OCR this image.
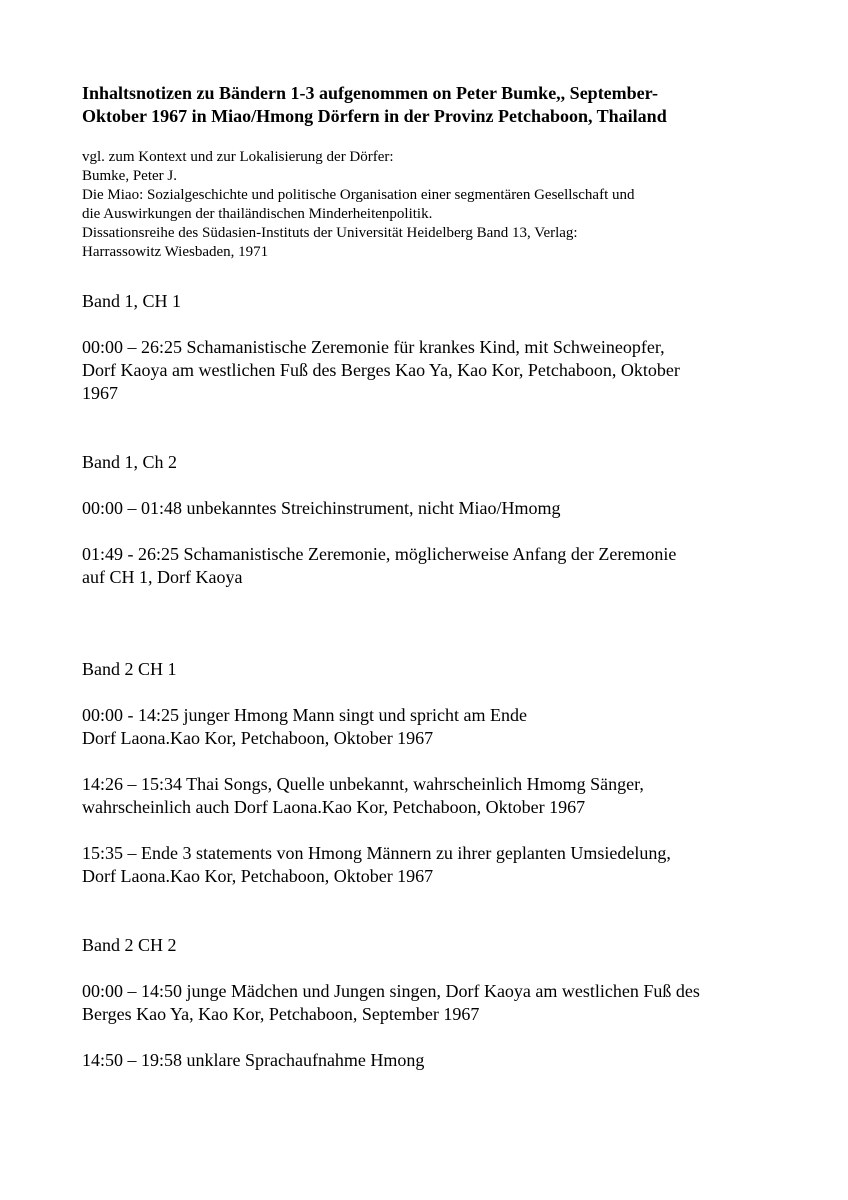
Inhaltsnotizen zu Bändern 1-3 aufgenommen on Peter Bumke,, September-
Oktober 1967 in Miao/Hmong Dörfern in der Provinz Petchaboon, Thailand
vgl. zum Kontext und zur Lokalisierung der Dörfer:
Bumke, Peter J.
Die Miao: Sozialgeschichte und politische Organisation einer segmentären Gesellschaft und
die Auswirkungen der thailändischen Minderheitenpolitik.
Dissationsreihe des Südasien-Instituts der Universität Heidelberg Band 13, Verlag:
Harrassowitz Wiesbaden, 1971
Band 1, CH 1
00:00 – 26:25 Schamanistische Zeremonie für krankes Kind, mit Schweineopfer,
Dorf Kaoya am westlichen Fuß des Berges Kao Ya, Kao Kor, Petchaboon, Oktober
1967
Band 1, Ch 2
00:00 – 01:48 unbekanntes Streichinstrument, nicht Miao/Hmomg
01:49 - 26:25 Schamanistische Zeremonie, möglicherweise Anfang der Zeremonie
auf CH 1, Dorf Kaoya
Band 2 CH 1
00:00 - 14:25 junger Hmong Mann singt und spricht am Ende
Dorf Laona.Kao Kor, Petchaboon, Oktober 1967
14:26 – 15:34 Thai Songs, Quelle unbekannt, wahrscheinlich Hmomg Sänger,
wahrscheinlich auch Dorf Laona.Kao Kor, Petchaboon, Oktober 1967
15:35 – Ende 3 statements von Hmong Männern zu ihrer geplanten Umsiedelung,
Dorf Laona.Kao Kor, Petchaboon, Oktober 1967
Band 2 CH 2
00:00 – 14:50 junge Mädchen und Jungen singen, Dorf Kaoya am westlichen Fuß des
Berges Kao Ya, Kao Kor, Petchaboon, September 1967
14:50 – 19:58 unklare Sprachaufnahme Hmong
